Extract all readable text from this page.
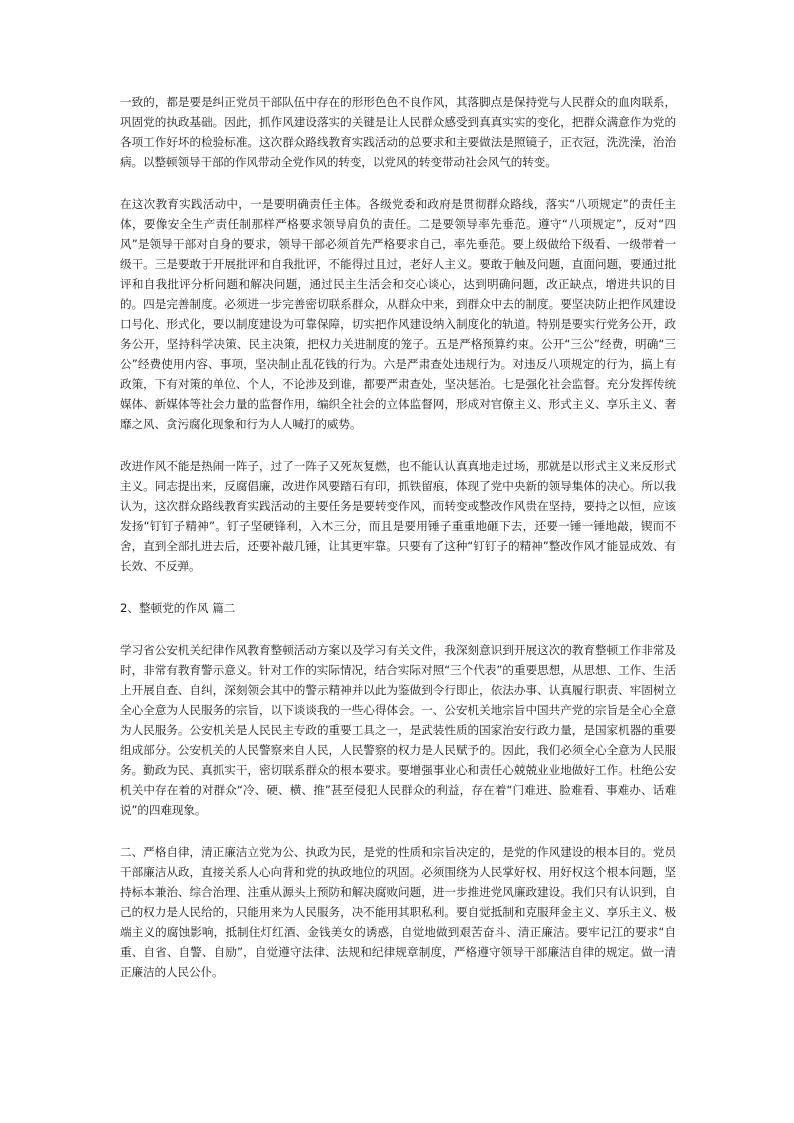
一致的，都是要是纠正党员干部队伍中存在的形形色色不良作风，其落脚点是保持党与人民群众的血肉联系，巩固党的执政基础。因此，抓作风建设落实的关键是让人民群众感受到真真实实的变化，把群众满意作为党的各项工作好坏的检验标准。这次群众路线教育实践活动的总要求和主要做法是照镜子，正衣冠，洗洗澡，治治病。以整顿领导干部的作风带动全党作风的转变，以党风的转变带动社会风气的转变。

在这次教育实践活动中，一是要明确责任主体。各级党委和政府是贯彻群众路线，落实“八项规定”的责任主体，要像安全生产责任制那样严格要求领导肩负的责任。二是要领导率先垂范。遵守“八项规定”，反对“四风”是领导干部对自身的要求，领导干部必须首先严格要求自己，率先垂范。要上级做给下级看、一级带着一级干。三是要敢于开展批评和自我批评，不能得过且过，老好人主义。要敢于触及问题，直面问题，要通过批评和自我批评分析问题和解决问题，通过民主生活会和交心谈心，达到明确问题，改正缺点，增进共识的目的。四是完善制度。必须进一步完善密切联系群众，从群众中来，到群众中去的制度。要坚决防止把作风建设口号化、形式化，要以制度建设为可靠保障，切实把作风建设纳入制度化的轨道。特别是要实行党务公开，政务公开，坚持科学决策、民主决策，把权力关进制度的笼子。五是严格预算约束。公开“三公”经费，明确“三公”经费使用内容、事项，坚决制止乱花钱的行为。六是严肃查处违规行为。对违反八项规定的行为，搞上有政策，下有对策的单位、个人，不论涉及到谁，都要严肃查处，坚决惩治。七是强化社会监督。充分发挥传统媒体、新媒体等社会力量的监督作用，编织全社会的立体监督网，形成对官僚主义、形式主义、享乐主义、奢靡之风、贪污腐化现象和行为人人喊打的威势。

改进作风不能是热闹一阵子，过了一阵子又死灰复燃，也不能认认真真地走过场，那就是以形式主义来反形式主义。同志提出来，反腐倡廉，改进作风要踏石有印，抓铁留痕，体现了党中央新的领导集体的决心。所以我认为，这次群众路线教育实践活动的主要任务是要转变作风，而转变或整改作风贵在坚持，要持之以恒，应该发扬“钉钉子精神”。钉子坚硬锋利，入木三分，而且是要用锤子重重地砸下去，还要一锤一锤地敲，锲而不舍，直到全部扎进去后，还要补敲几锤，让其更牢靠。只要有了这种“钉钉子的精神”整改作风才能显成效、有长效、不反弹。

2、整顿党的作风 篇二

学习省公安机关纪律作风教育整顿活动方案以及学习有关文件，我深刻意识到开展这次的教育整顿工作非常及时，非常有教育警示意义。针对工作的实际情况，结合实际对照“三个代表”的重要思想，从思想、工作、生活上开展自查、自纠，深刻领会其中的警示精神并以此为鉴做到令行即止，依法办事、认真履行职责、牢固树立全心全意为人民服务的宗旨，以下谈谈我的一些心得体会。一、公安机关地宗旨中国共产党的宗旨是全心全意为人民服务。公安机关是人民民主专政的重要工具之一，是武装性质的国家治安行政力量，是国家机器的重要组成部分。公安机关的人民警察来自人民，人民警察的权力是人民赋予的。因此，我们必须全心全意为人民服务。勤政为民、真抓实干，密切联系群众的根本要求。要增强事业心和责任心兢兢业业地做好工作。杜绝公安机关中存在着的对群众“冷、硬、横、推”甚至侵犯人民群众的利益，存在着“门难进、脸难看、事难办、话难说”的四难现象。

二、严格自律，清正廉洁立党为公、执政为民，是党的性质和宗旨决定的，是党的作风建设的根本目的。党员干部廉洁从政，直接关系人心向背和党的执政地位的巩固。必须围绕为人民掌好权、用好权这个根本问题，坚持标本兼治、综合治理、注重从源头上预防和解决腐败问题，进一步推进党风廉政建设。我们只有认识到，自己的权力是人民给的，只能用来为人民服务，决不能用其职私利。要自觉抵制和克服拜金主义、享乐主义、极端主义的腐蚀影响，抵制住灯红酒、金钱美女的诱惑，自觉地做到艰苦奋斗、清正廉洁。要牢记江的要求“自重、自省、自警、自励”，自觉遵守法律、法规和纪律规章制度，严格遵守领导干部廉洁自律的规定。做一清正廉洁的人民公仆。
